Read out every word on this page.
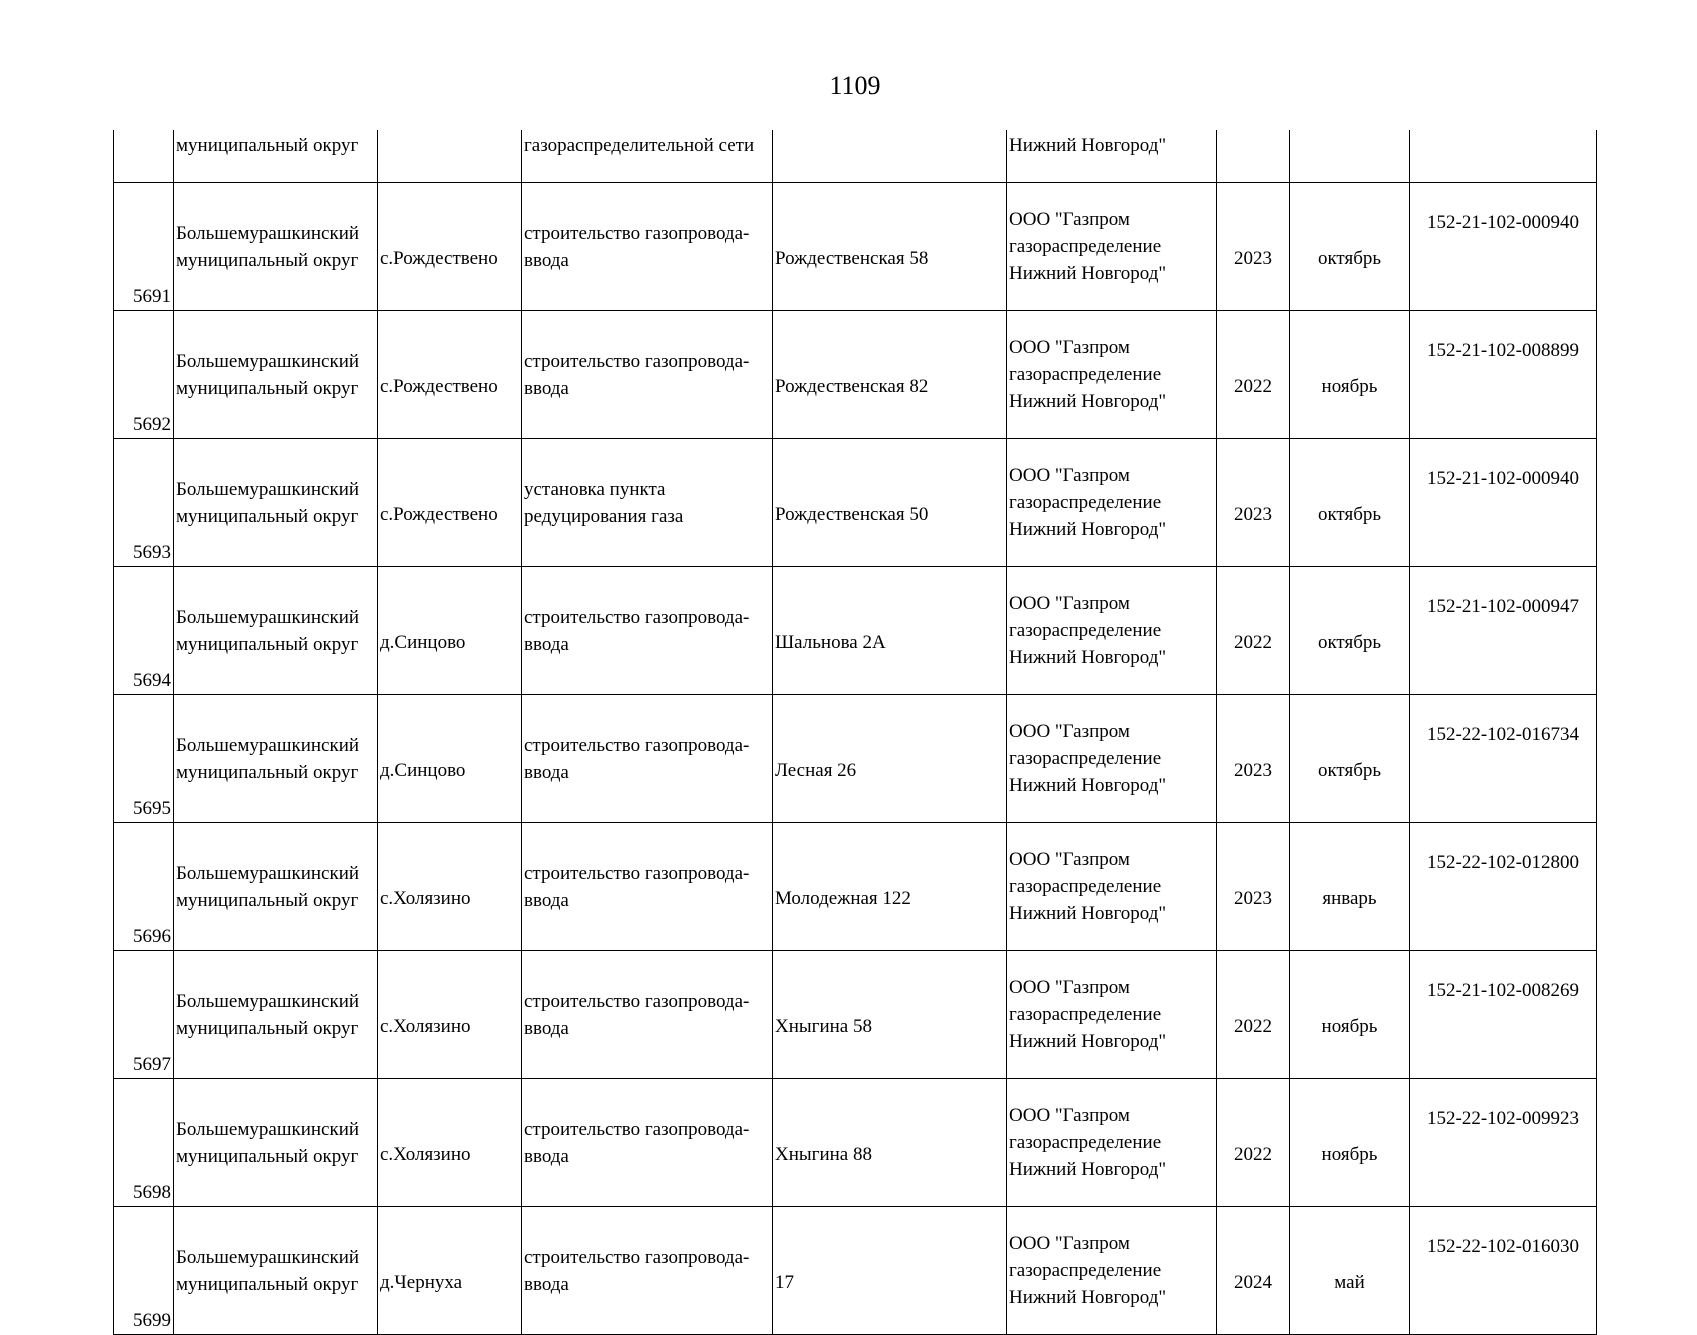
1109
	муниципальный округ		газораспределительной сети		Нижний Новгород"			
5691	Большемурашкинский
муниципальный округ	с.Рождествено	строительство газопровода-
ввода	Рождественская 58	ООО "Газпром
газораспределение
Нижний Новгород"	2023	октябрь	152-21-102-000940
5692	Большемурашкинский
муниципальный округ	с.Рождествено	строительство газопровода-
ввода	Рождественская 82	ООО "Газпром
газораспределение
Нижний Новгород"	2022	ноябрь	152-21-102-008899
5693	Большемурашкинский
муниципальный округ	с.Рождествено	установка пункта
редуцирования газа	Рождественская 50	ООО "Газпром
газораспределение
Нижний Новгород"	2023	октябрь	152-21-102-000940
5694	Большемурашкинский
муниципальный округ	д.Синцово	строительство газопровода-
ввода	Шальнова 2А	ООО "Газпром
газораспределение
Нижний Новгород"	2022	октябрь	152-21-102-000947
5695	Большемурашкинский
муниципальный округ	д.Синцово	строительство газопровода-
ввода	Лесная 26	ООО "Газпром
газораспределение
Нижний Новгород"	2023	октябрь	152-22-102-016734
5696	Большемурашкинский
муниципальный округ	с.Холязино	строительство газопровода-
ввода	Молодежная 122	ООО "Газпром
газораспределение
Нижний Новгород"	2023	январь	152-22-102-012800
5697	Большемурашкинский
муниципальный округ	с.Холязино	строительство газопровода-
ввода	Хныгина 58	ООО "Газпром
газораспределение
Нижний Новгород"	2022	ноябрь	152-21-102-008269
5698	Большемурашкинский
муниципальный округ	с.Холязино	строительство газопровода-
ввода	Хныгина 88	ООО "Газпром
газораспределение
Нижний Новгород"	2022	ноябрь	152-22-102-009923
5699	Большемурашкинский
муниципальный округ	д.Чернуха	строительство газопровода-
ввода	17	ООО "Газпром
газораспределение
Нижний Новгород"	2024	май	152-22-102-016030
